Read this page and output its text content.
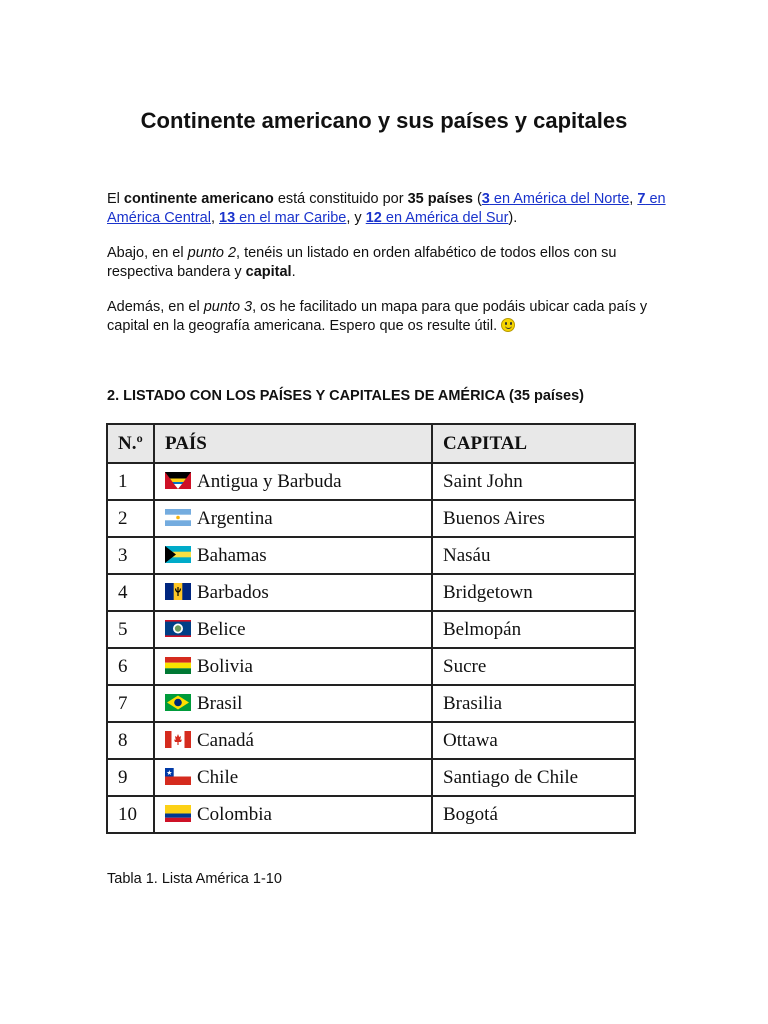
Continente americano y sus países y capitales
El continente americano está constituido por 35 países (3 en América del Norte, 7 en América Central, 13 en el mar Caribe, y 12 en América del Sur).
Abajo, en el punto 2, tenéis un listado en orden alfabético de todos ellos con su respectiva bandera y capital.
Además, en el punto 3, os he facilitado un mapa para que podáis ubicar cada país y capital en la geografía americana. Espero que os resulte útil.
2. LISTADO CON LOS PAÍSES Y CAPITALES DE AMÉRICA (35 países)
N.º	PAÍS	CAPITAL
1	Antigua y Barbuda	Saint John
2	Argentina	Buenos Aires
3	Bahamas	Nasáu
4	Barbados	Bridgetown
5	Belice	Belmopán
6	Bolivia	Sucre
7	Brasil	Brasilia
8	Canadá	Ottawa
9	Chile	Santiago de Chile
10	Colombia	Bogotá
Tabla 1. Lista América 1-10
